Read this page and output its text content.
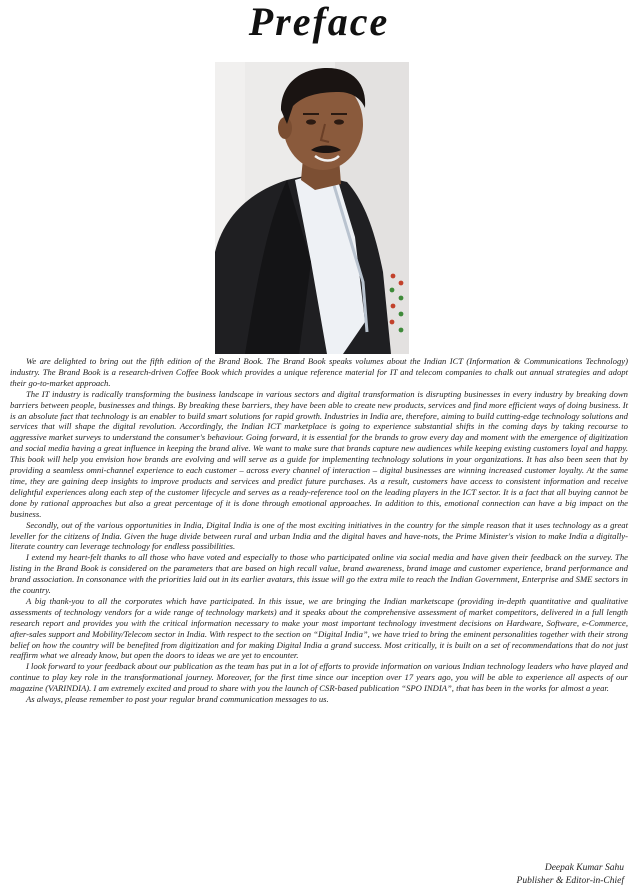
Preface

We are delighted to bring out the fifth edition of the Brand Book. The Brand Book speaks volumes about the Indian ICT (Information & Communications Technology) industry. The Brand Book is a research-driven Coffee Book which provides a unique reference material for IT and telecom companies to chalk out annual strategies and adopt their go-to-market approach.

The IT industry is radically transforming the business landscape in various sectors and digital transformation is disrupting businesses in every industry by breaking down barriers between people, businesses and things. By breaking these barriers, they have been able to create new products, services and find more efficient ways of doing business. It is an absolute fact that technology is an enabler to build smart solutions for rapid growth. Industries in India are, therefore, aiming to build cutting-edge technology solutions and services that will shape the digital revolution. Accordingly, the Indian ICT marketplace is going to experience substantial shifts in the coming days by taking recourse to aggressive market surveys to understand the consumer's behaviour. Going forward, it is essential for the brands to grow every day and moment with the emergence of digitization and social media having a great influence in keeping the brand alive. We want to make sure that brands capture new audiences while keeping existing customers loyal and happy. This book will help you envision how brands are evolving and will serve as a guide for implementing technology solutions in your organizations. It has also been seen that by providing a seamless omni-channel experience to each customer – across every channel of interaction – digital businesses are winning increased customer loyalty. At the same time, they are gaining deep insights to improve products and services and predict future purchases. As a result, customers have access to consistent information and receive delightful experiences along each step of the customer lifecycle and serves as a ready-reference tool on the leading players in the ICT sector. It is a fact that all buying cannot be done by rational approaches but also a great percentage of it is done through emotional approaches. In addition to this, emotional connection can have a big impact on the business.

Secondly, out of the various opportunities in India, Digital India is one of the most exciting initiatives in the country for the simple reason that it uses technology as a great leveller for the citizens of India. Given the huge divide between rural and urban India and the digital haves and have-nots, the Prime Minister's vision to make India a digitally-literate country can leverage technology for endless possibilities.

I extend my heart-felt thanks to all those who have voted and especially to those who participated online via social media and have given their feedback on the survey. The listing in the Brand Book is considered on the parameters that are based on high recall value, brand awareness, brand image and customer experience, brand performance and brand association. In consonance with the priorities laid out in its earlier avatars, this issue will go the extra mile to reach the Indian Government, Enterprise and SME sectors in the country.

A big thank-you to all the corporates which have participated. In this issue, we are bringing the Indian marketscape (providing in-depth quantitative and qualitative assessments of technology vendors for a wide range of technology markets) and it speaks about the comprehensive assessment of market competitors, delivered in a full length research report and provides you with the critical information necessary to make your most important technology investment decisions on Hardware, Software, e-Commerce, after-sales support and Mobility/Telecom sector in India. With respect to the section on “Digital India”, we have tried to bring the eminent personalities together with their strong belief on how the country will be benefited from digitization and for making Digital India a grand success. Most critically, it is built on a set of recommendations that do not just reaffirm what we already know, but open the doors to ideas we are yet to encounter.

I look forward to your feedback about our publication as the team has put in a lot of efforts to provide information on various Indian technology leaders who have played and continue to play key role in the transformational journey. Moreover, for the first time since our inception over 17 years ago, you will be able to experience all aspects of our magazine (VARINDIA). I am extremely excited and proud to share with you the launch of CSR-based publication “SPO INDIA”, that has been in the works for almost a year.

As always, please remember to post your regular brand communication messages to us.

Deepak Kumar Sahu
Publisher & Editor-in-Chief
